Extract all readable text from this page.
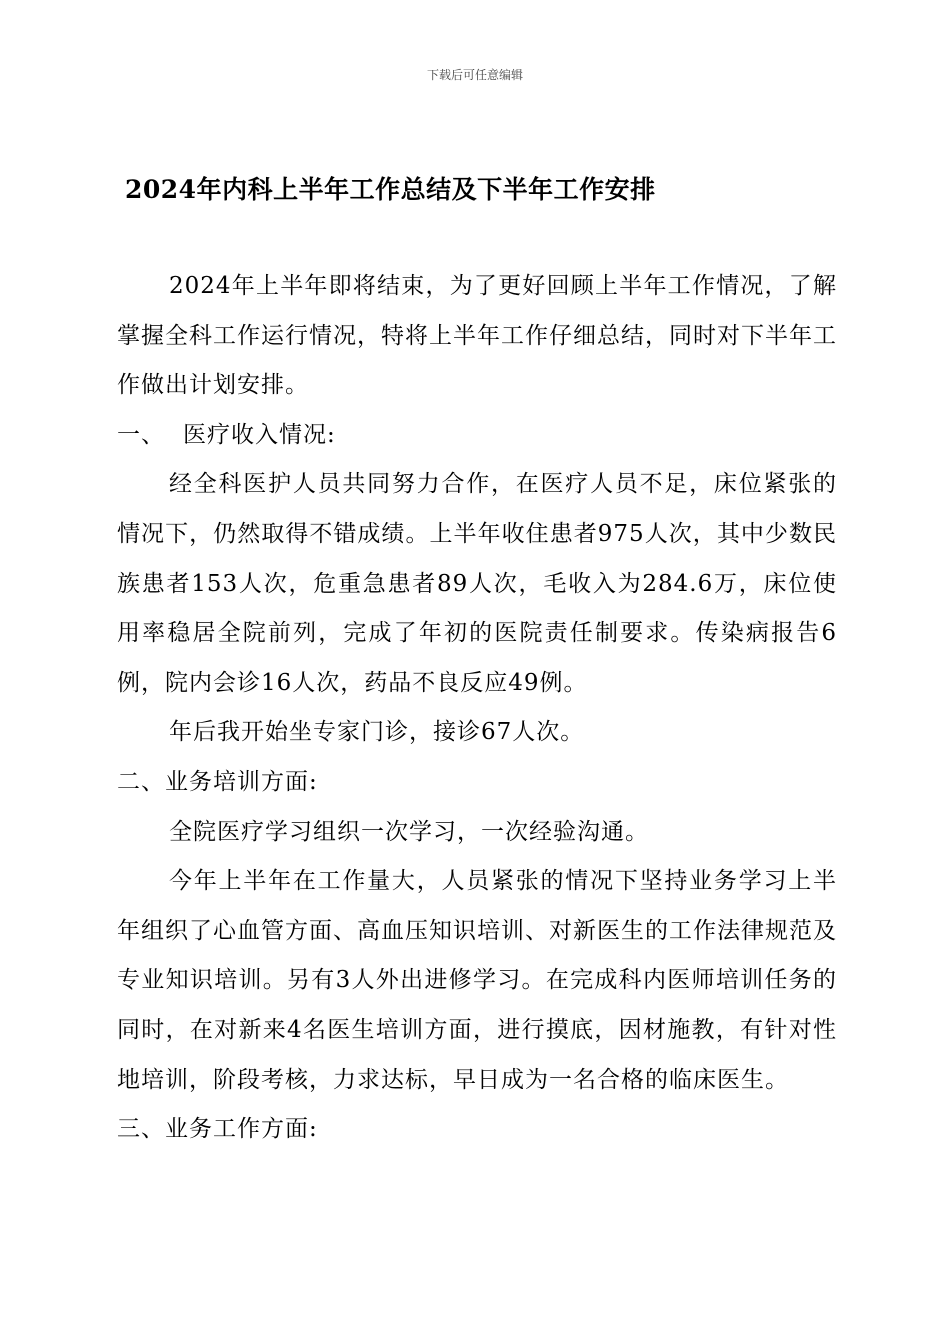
下载后可任意编辑
2024年内科上半年工作总结及下半年工作安排

2024年上半年即将结束，为了更好回顾上半年工作情况，了解掌握全科工作运行情况，特将上半年工作仔细总结，同时对下半年工作做出计划安排。

一、 医疗收入情况:

经全科医护人员共同努力合作，在医疗人员不足，床位紧张的情况下，仍然取得不错成绩。上半年收住患者975人次，其中少数民族患者153人次，危重急患者89人次，毛收入为284.6万，床位使用率稳居全院前列，完成了年初的医院责任制要求。传染病报告6例，院内会诊16人次，药品不良反应49例。

年后我开始坐专家门诊，接诊67人次。

二、业务培训方面:

全院医疗学习组织一次学习，一次经验沟通。

今年上半年在工作量大，人员紧张的情况下坚持业务学习上半年组织了心血管方面、高血压知识培训、对新医生的工作法律规范及专业知识培训。另有3人外出进修学习。在完成科内医师培训任务的同时，在对新来4名医生培训方面，进行摸底，因材施教，有针对性地培训，阶段考核，力求达标，早日成为一名合格的临床医生。

三、业务工作方面:
